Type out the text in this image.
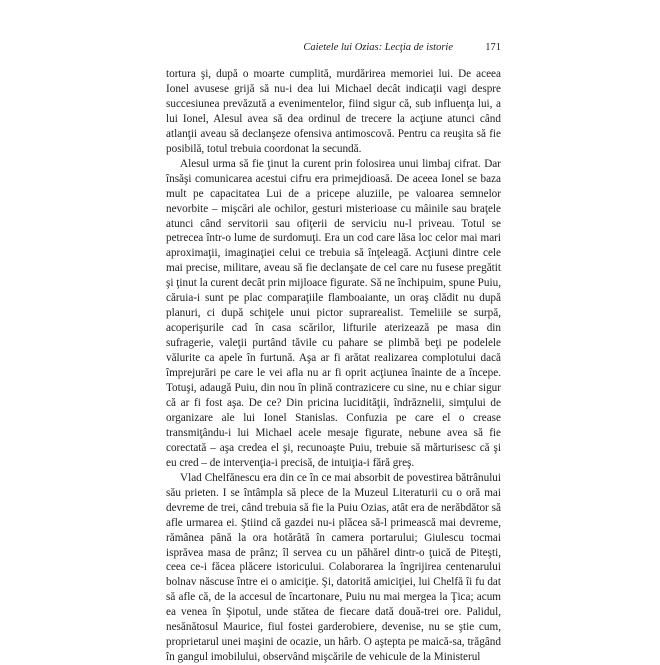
Caietele lui Ozias: Lecţia de istorie	171

tortura şi, după o moarte cumplită, murdărirea memoriei lui. De aceea Ionel avusese grijă să nu-i dea lui Michael decât indicaţii vagi despre succesiunea prevăzută a evenimentelor, fiind sigur că, sub influenţa lui, a lui Ionel, Alesul avea să dea ordinul de trecere la acţiune atunci când atlanţii aveau să declanşeze ofensiva antimoscovă. Pentru ca reuşita să fie posibilă, totul trebuia coordonat la secundă.

Alesul urma să fie ţinut la curent prin folosirea unui limbaj cifrat. Dar însăşi comunicarea acestui cifru era primejdioasă. De aceea Ionel se baza mult pe capacitatea Lui de a pricepe aluziile, pe valoarea semnelor nevorbite – mişcări ale ochilor, gesturi misterioase cu mâinile sau braţele atunci când servitorii sau ofiţerii de serviciu nu-l priveau. Totul se petrecea într-o lume de surdomuţi. Era un cod care lăsa loc celor mai mari aproximaţii, imaginaţiei celui ce trebuia să înţeleagă. Acţiuni dintre cele mai precise, militare, aveau să fie declanşate de cel care nu fusese pregătit şi ţinut la curent decât prin mijloace figurate. Să ne închipuim, spune Puiu, căruia-i sunt pe plac comparaţiile flamboaiante, un oraş clădit nu după planuri, ci după schiţele unui pictor suprarealist. Temeliile se surpă, acoperişurile cad în casa scărilor, lifturile aterizează pe masa din sufragerie, valeţii purtând tăvile cu pahare se plimbă beţi pe podelele vălurite ca apele în furtună. Aşa ar fi arătat realizarea complotului dacă împrejurări pe care le vei afla nu ar fi oprit acţiunea înainte de a începe. Totuşi, adaugă Puiu, din nou în plină contrazicere cu sine, nu e chiar sigur că ar fi fost aşa. De ce? Din pricina lucidităţii, îndrăznelii, simţului de organizare ale lui Ionel Stanislas. Confuzia pe care el o crease transmiţându-i lui Michael acele mesaje figurate, nebune avea să fie corectată – aşa credea el şi, recunoaşte Puiu, trebuie să mărturisesc că şi eu cred – de intervenţia-i precisă, de intuiţia-i fără greş.

Vlad Chelfănescu era din ce în ce mai absorbit de povestirea bătrânului său prieten. I se întâmpla să plece de la Muzeul Literaturii cu o oră mai devreme de trei, când trebuia să fie la Puiu Ozias, atât era de nerăbdător să afle urmarea ei. Ştiind că gazdei nu-i plăcea să-l primească mai devreme, rămânea până la ora hotărâtă în camera portarului; Giulescu tocmai isprăvea masa de prânz; îl servea cu un păhărel dintr-o ţuică de Piteşti, ceea ce-i făcea plăcere istoricului. Colaborarea la îngrijirea centenarului bolnav născuse între ei o amiciţie. Şi, datorită amiciţiei, lui Chelfă îi fu dat să afle că, de la accesul de încartonare, Puiu nu mai mergea la Ţica; acum ea venea în Şipotul, unde stătea de fiecare dată două-trei ore. Palidul, nesănătosul Maurice, fiul fostei garderobiere, devenise, nu se ştie cum, proprietarul unei maşini de ocazie, un hârb. O aştepta pe maică-sa, trăgând în gangul imobilului, observând mişcările de vehicule de la Ministerul
